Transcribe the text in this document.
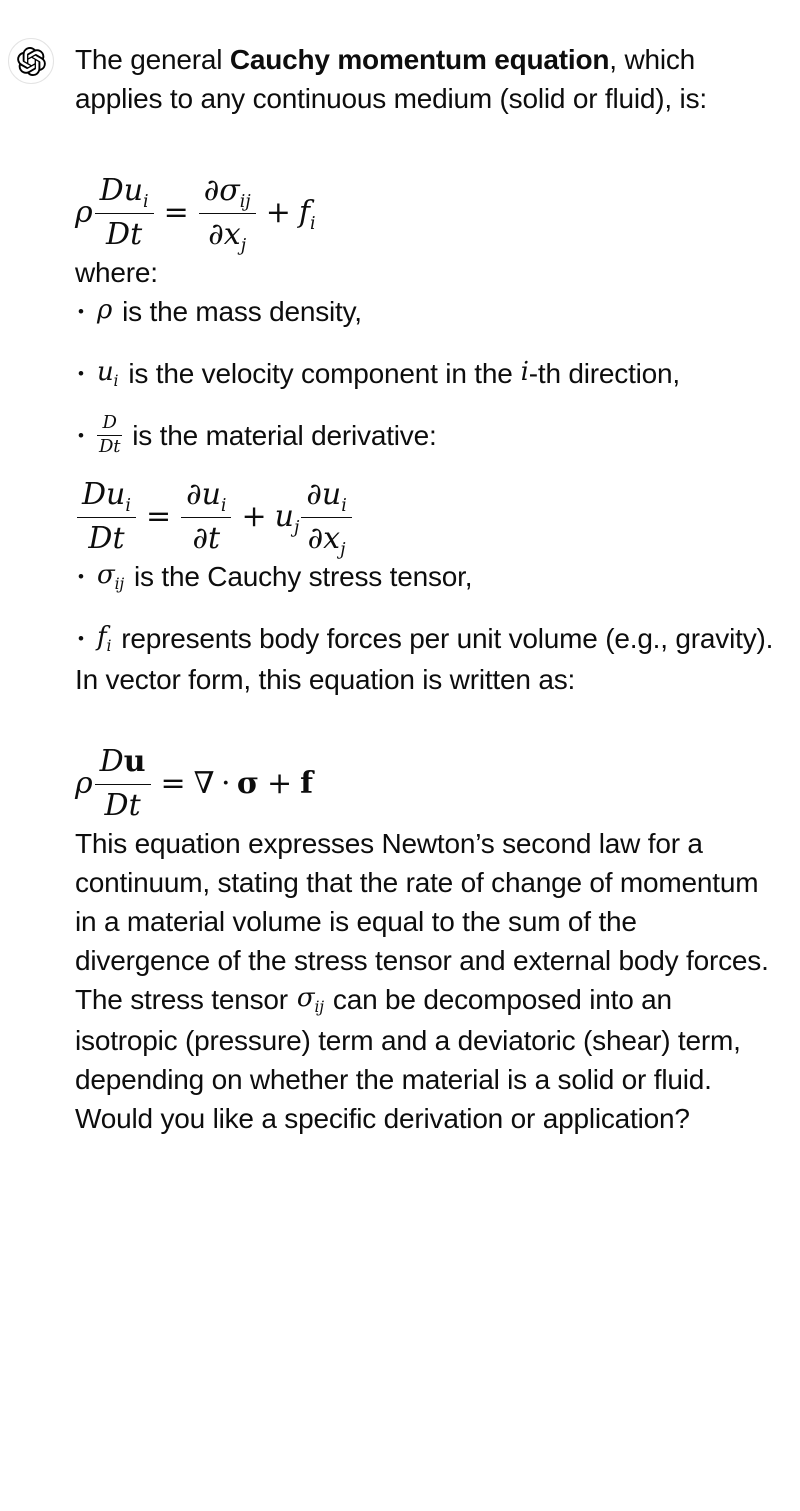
The general Cauchy momentum equation, which applies to any continuous medium (solid or fluid), is:

ρ $\frac{Du_i}{Dt} = \frac{\partial\sigma_{ij}}{\partial x_j} + f_i$

where:

• ρ is the mass density,
• $u_i$ is the velocity component in the i-th direction,
• $\frac{D}{Dt}$ is the material derivative:
$\frac{Du_i}{Dt} = \frac{\partial u_i}{\partial t} + u_j \frac{\partial u_i}{\partial x_j}$
• $\sigma_{ij}$ is the Cauchy stress tensor,
• $f_i$ represents body forces per unit volume (e.g., gravity).

In vector form, this equation is written as:

ρ $\frac{Du}{Dt}$ = ∇ ⋅ σ + f

This equation expresses Newton’s second law for a continuum, stating that the rate of change of momentum in a material volume is equal to the sum of the divergence of the stress tensor and external body forces.

The stress tensor $\sigma_{ij}$ can be decomposed into an isotropic (pressure) term and a deviatoric (shear) term, depending on whether the material is a solid or fluid.

Would you like a specific derivation or application?
